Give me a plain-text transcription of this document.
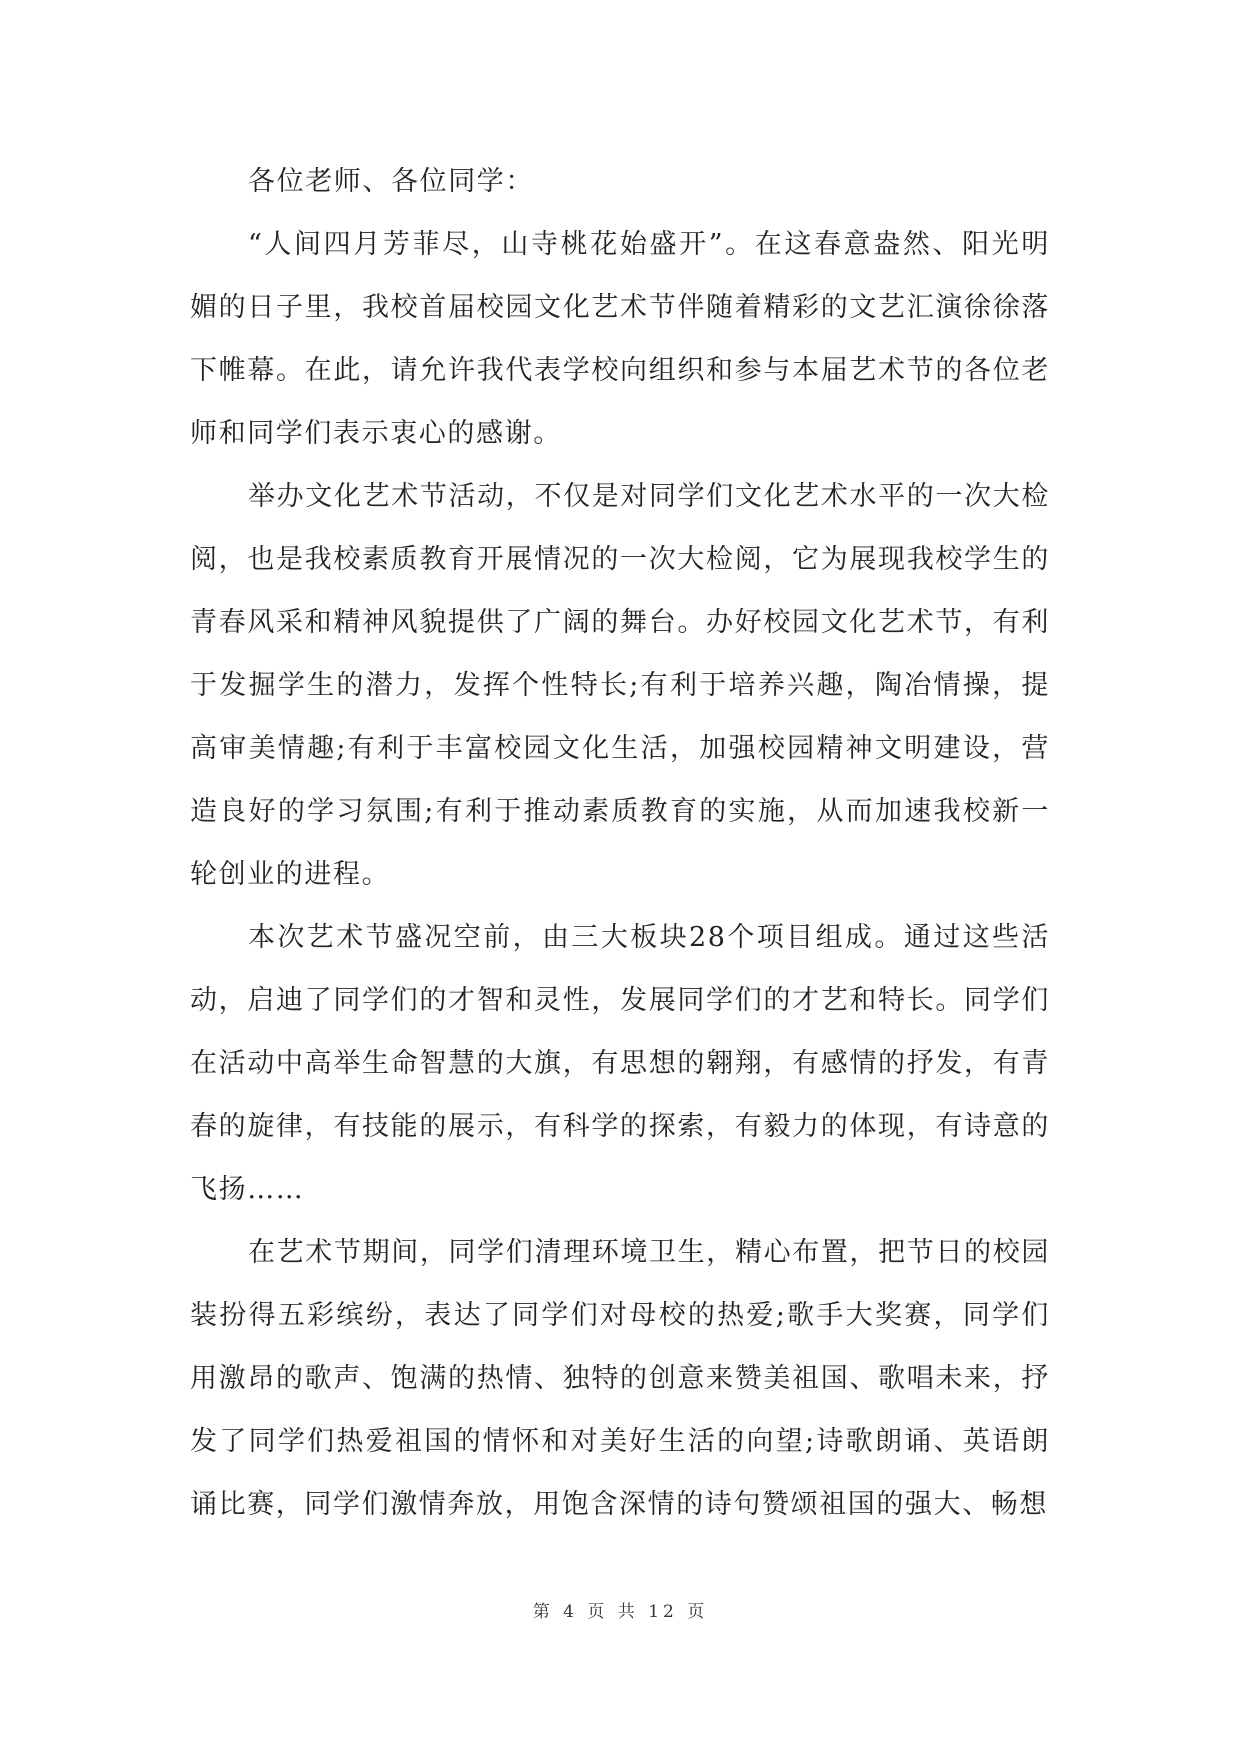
各位老师、各位同学：

“人间四月芳菲尽，山寺桃花始盛开”。在这春意盎然、阳光明媚的日子里，我校首届校园文化艺术节伴随着精彩的文艺汇演徐徐落下帷幕。在此，请允许我代表学校向组织和参与本届艺术节的各位老师和同学们表示衷心的感谢。

举办文化艺术节活动，不仅是对同学们文化艺术水平的一次大检阅，也是我校素质教育开展情况的一次大检阅，它为展现我校学生的青春风采和精神风貌提供了广阔的舞台。办好校园文化艺术节，有利于发掘学生的潜力，发挥个性特长;有利于培养兴趣，陶冶情操，提高审美情趣;有利于丰富校园文化生活，加强校园精神文明建设，营造良好的学习氛围;有利于推动素质教育的实施，从而加速我校新一轮创业的进程。

本次艺术节盛况空前，由三大板块28个项目组成。通过这些活动，启迪了同学们的才智和灵性，发展同学们的才艺和特长。同学们在活动中高举生命智慧的大旗，有思想的翱翔，有感情的抒发，有青春的旋律，有技能的展示，有科学的探索，有毅力的体现，有诗意的飞扬……

在艺术节期间，同学们清理环境卫生，精心布置，把节日的校园装扮得五彩缤纷，表达了同学们对母校的热爱;歌手大奖赛，同学们用激昂的歌声、饱满的热情、独特的创意来赞美祖国、歌唱未来，抒发了同学们热爱祖国的情怀和对美好生活的向望;诗歌朗诵、英语朗诵比赛，同学们激情奔放，用饱含深情的诗句赞颂祖国的强大、畅想

第 4 页 共 12 页
